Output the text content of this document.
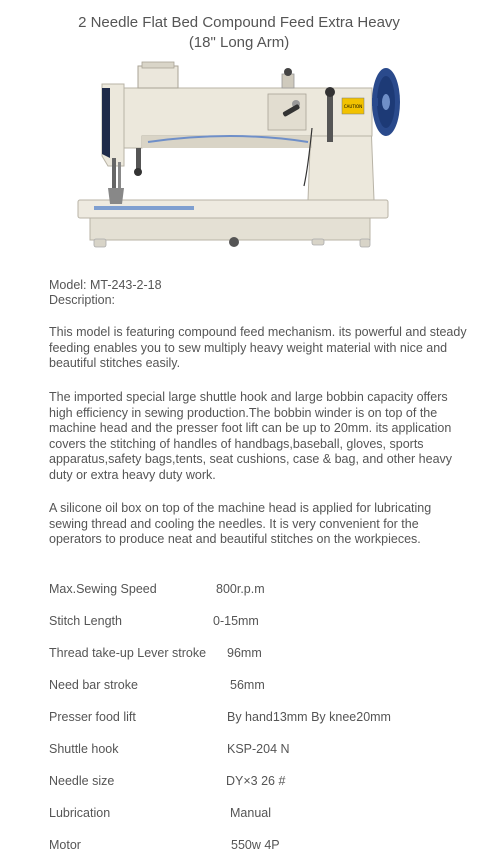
2 Needle Flat Bed Compound Feed Extra Heavy
(18" Long Arm)
CAUTION
Model: MT-243-2-18
Description:
This model is featuring compound feed mechanism. its powerful and steady feeding enables you to sew multiply heavy weight material with nice and beautiful stitches easily.
The imported special large shuttle hook and large bobbin capacity offers high efficiency in sewing production.The bobbin winder is on top of the machine head and the presser foot lift can be up to 20mm. its application covers the stitching of handles of handbags,baseball, gloves, sports apparatus,safety bags,tents, seat cushions, case & bag, and other heavy duty or extra heavy duty work.
A silicone oil box on top of the machine head is applied for lubricating sewing thread and cooling the needles. It is very convenient for the operators to produce neat and beautiful stitches on the workpieces.
Max.Sewing Speed	800r.p.m
Stitch Length	0-15mm
Thread take-up Lever stroke 96mm
Need bar stroke	56mm
Presser food lift	By hand13mm By knee20mm
Shuttle hook	KSP-204 N
Needle size	DY×3 26 #
Lubrication	Manual
Motor	550w 4P
